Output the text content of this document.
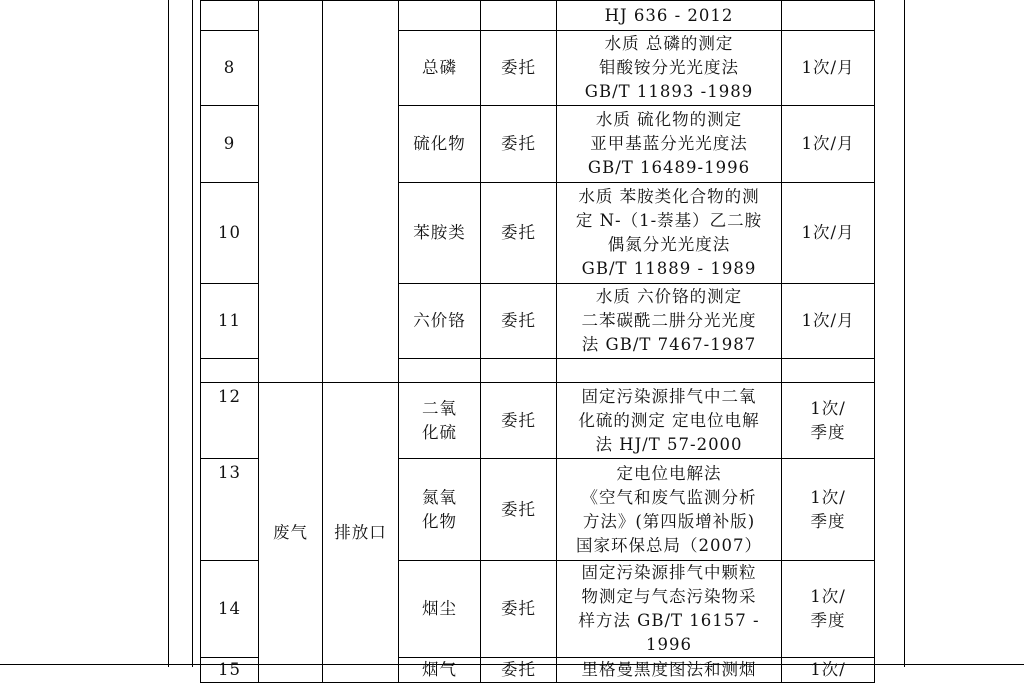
					HJ 636 - 2012	
8			总磷	委托	水质 总磷的测定
钼酸铵分光光度法
GB/T 11893 -1989	1次/月
9			硫化物	委托	水质 硫化物的测定
亚甲基蓝分光光度法
GB/T 16489-1996	1次/月
10			苯胺类	委托	水质 苯胺类化合物的测
定 N-（1-萘基）乙二胺
偶氮分光光度法
GB/T 11889 - 1989	1次/月
11			六价铬	委托	水质 六价铬的测定
二苯碳酰二肼分光光度
法 GB/T 7467-1987	1次/月

12	废气	排放口	二氧
化硫	委托	固定污染源排气中二氧
化硫的测定 定电位电解
法 HJ/T 57-2000	1次/
季度
13			氮氧
化物	委托	定电位电解法
《空气和废气监测分析
方法》(第四版增补版)
国家环保总局（2007）	1次/
季度
14			烟尘	委托	固定污染源排气中颗粒
物测定与气态污染物采
样方法 GB/T 16157 - 1996	1次/
季度
15			烟气	委托	里格曼黑度图法和测烟	1次/
